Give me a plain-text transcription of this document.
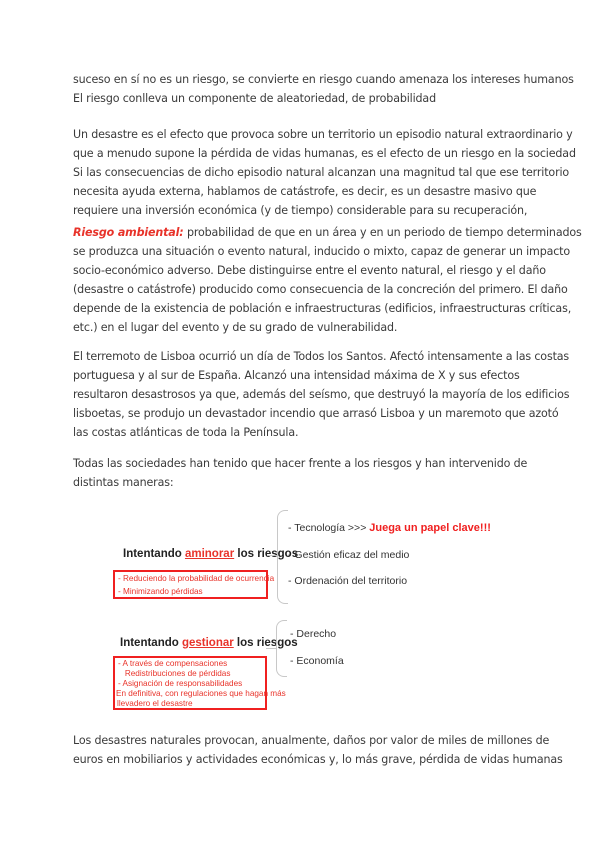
suceso en sí no es un riesgo, se convierte en riesgo cuando amenaza los intereses humanos
El riesgo conlleva un componente de aleatoriedad, de probabilidad
Un desastre es el efecto que provoca sobre un territorio un episodio natural extraordinario y
que a menudo supone la pérdida de vidas humanas, es el efecto de un riesgo en la sociedad
Si las consecuencias de dicho episodio natural alcanzan una magnitud tal que ese territorio
necesita ayuda externa, hablamos de catástrofe, es decir, es un desastre masivo que
requiere una inversión económica (y de tiempo) considerable para su recuperación,
Riesgo ambiental: probabilidad de que en un área y en un periodo de tiempo determinados
se produzca una situación o evento natural, inducido o mixto, capaz de generar un impacto
socio-económico adverso. Debe distinguirse entre el evento natural, el riesgo y el daño
(desastre o catástrofe) producido como consecuencia de la concreción del primero. El daño
depende de la existencia de población e infraestructuras (edificios, infraestructuras críticas,
etc.) en el lugar del evento y de su grado de vulnerabilidad.
El terremoto de Lisboa ocurrió un día de Todos los Santos. Afectó intensamente a las costas
portuguesa y al sur de España. Alcanzó una intensidad máxima de X y sus efectos
resultaron desastrosos ya que, además del seísmo, que destruyó la mayoría de los edificios
lisboetas, se produjo un devastador incendio que arrasó Lisboa y un maremoto que azotó
las costas atlánticas de toda la Península.
Todas las sociedades han tenido que hacer frente a los riesgos y han intervenido de
distintas maneras:
Intentando aminorar los riesgos
- Reduciendo la probabilidad de ocurrencia
- Minimizando pérdidas
- Tecnología >>> Juega un papel clave!!!
- Gestión eficaz del medio
- Ordenación del territorio
Intentando gestionar los riesgos
- A través de compensaciones
Redistribuciones de pérdidas
- Asignación de responsabilidades
En definitiva, con regulaciones que hagan más
llevadero el desastre
- Derecho
- Economía
Los desastres naturales provocan, anualmente, daños por valor de miles de millones de
euros en mobiliarios y actividades económicas y, lo más grave, pérdida de vidas humanas
